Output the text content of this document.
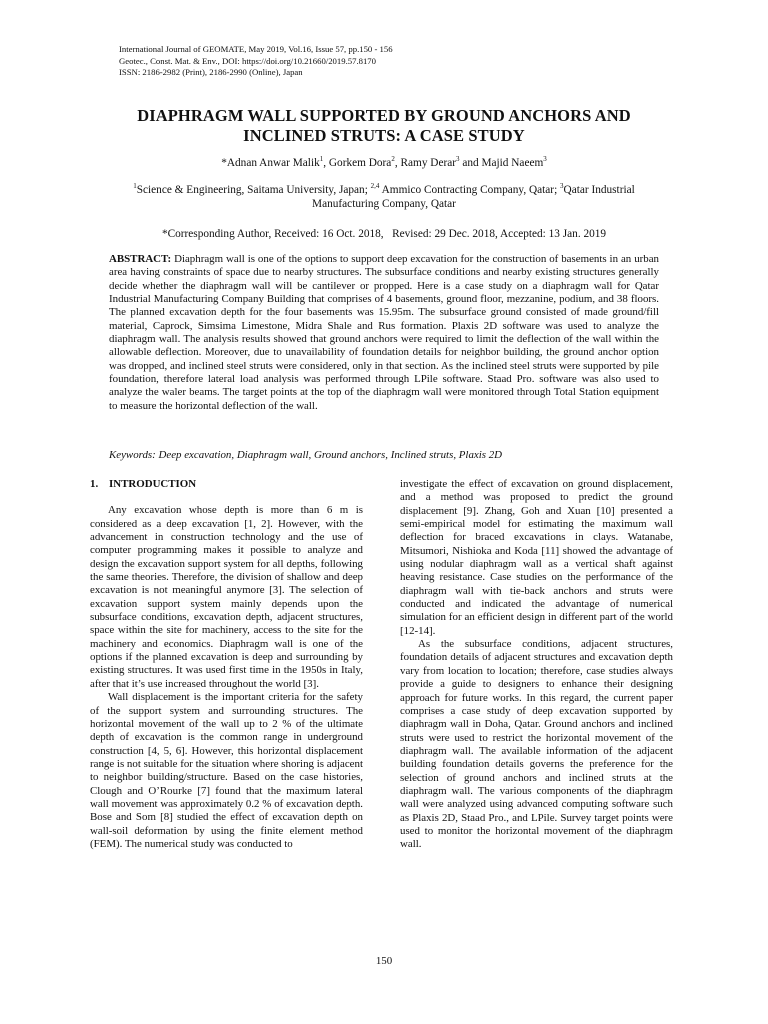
International Journal of GEOMATE, May 2019, Vol.16, Issue 57, pp.150 - 156
Geotec., Const. Mat. & Env., DOI: https://doi.org/10.21660/2019.57.8170
ISSN: 2186-2982 (Print), 2186-2990 (Online), Japan
DIAPHRAGM WALL SUPPORTED BY GROUND ANCHORS AND
INCLINED STRUTS: A CASE STUDY
*Adnan Anwar Malik$^1$, Gorkem Dora$^2$, Ramy Derar$^3$ and Majid Naeem$^3$
$^1$Science & Engineering, Saitama University, Japan; $^{2,4}$ Ammico Contracting Company, Qatar; $^3$Qatar Industrial Manufacturing Company, Qatar
*Corresponding Author, Received: 16 Oct. 2018,   Revised: 29 Dec. 2018, Accepted: 13 Jan. 2019
ABSTRACT: Diaphragm wall is one of the options to support deep excavation for the construction of basements in an urban area having constraints of space due to nearby structures. The subsurface conditions and nearby existing structures generally decide whether the diaphragm wall will be cantilever or propped. Here is a case study on a diaphragm wall for Qatar Industrial Manufacturing Company Building that comprises of 4 basements, ground floor, mezzanine, podium, and 38 floors. The planned excavation depth for the four basements was 15.95m. The subsurface ground consisted of made ground/fill material, Caprock, Simsima Limestone, Midra Shale and Rus formation. Plaxis 2D software was used to analyze the diaphragm wall. The analysis results showed that ground anchors were required to limit the deflection of the wall within the allowable deflection. Moreover, due to unavailability of foundation details for neighbor building, the ground anchor option was dropped, and inclined steel struts were considered, only in that section. As the inclined steel struts were supported by pile foundation, therefore lateral load analysis was performed through LPile software. Staad Pro. software was also used to analyze the waler beams. The target points at the top of the diaphragm wall were monitored through Total Station equipment to measure the horizontal deflection of the wall.
Keywords: Deep excavation, Diaphragm wall, Ground anchors, Inclined struts, Plaxis 2D
1. INTRODUCTION

Any excavation whose depth is more than 6 m is considered as a deep excavation [1, 2]. However, with the advancement in construction technology and the use of computer programming makes it possible to analyze and design the excavation support system for all depths, following the same theories. Therefore, the division of shallow and deep excavation is not meaningful anymore [3]. The selection of excavation support system mainly depends upon the subsurface conditions, excavation depth, adjacent structures, space within the site for machinery, access to the site for the machinery and economics. Diaphragm wall is one of the options if the planned excavation is deep and surrounding by existing structures. It was used first time in the 1950s in Italy, after that it’s use increased throughout the world [3].

Wall displacement is the important criteria for the safety of the support system and surrounding structures. The horizontal movement of the wall up to 2 % of the ultimate depth of excavation is the common range in underground construction [4, 5, 6]. However, this horizontal displacement range is not suitable for the situation where shoring is adjacent to neighbor building/structure. Based on the case histories, Clough and O’Rourke [7] found that the maximum lateral wall movement was approximately 0.2 % of excavation depth. Bose and Som [8] studied the effect of excavation depth on wall-soil deformation by using the finite element method (FEM). The numerical study was conducted to

investigate the effect of excavation on ground displacement, and a method was proposed to predict the ground displacement [9]. Zhang, Goh and Xuan [10] presented a semi-empirical model for estimating the maximum wall deflection for braced excavations in clays. Watanabe, Mitsumori, Nishioka and Koda [11] showed the advantage of using nodular diaphragm wall as a vertical shaft against heaving resistance. Case studies on the performance of the diaphragm wall with tie-back anchors and struts were conducted and indicated the advantage of numerical simulation for an efficient design in different part of the world [12-14].

As the subsurface conditions, adjacent structures, foundation details of adjacent structures and excavation depth vary from location to location; therefore, case studies always provide a guide to designers to enhance their designing approach for future works. In this regard, the current paper comprises a case study of deep excavation supported by diaphragm wall in Doha, Qatar. Ground anchors and inclined struts were used to restrict the horizontal movement of the diaphragm wall. The available information of the adjacent building foundation details governs the preference for the selection of ground anchors and inclined struts at the diaphragm wall. The various components of the diaphragm wall were analyzed using advanced computing software such as Plaxis 2D, Staad Pro., and LPile. Survey target points were used to monitor the horizontal movement of the diaphragm wall.

150
